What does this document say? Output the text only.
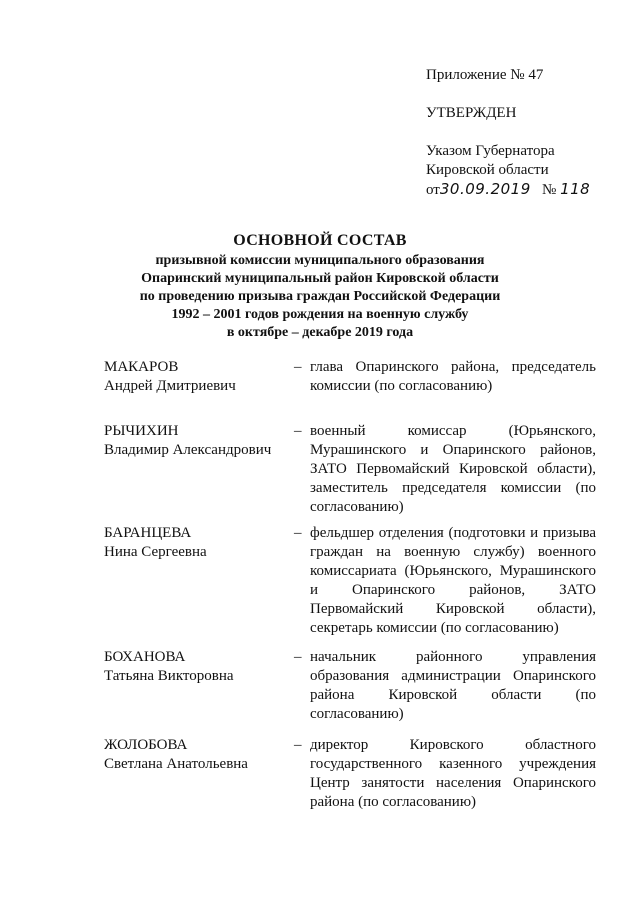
Приложение № 47

УТВЕРЖДЕН

Указом Губернатора
Кировской области
от30.09.2019 № 118
ОСНОВНОЙ СОСТАВ
призывной комиссии муниципального образования
Опаринский муниципальный район Кировской области
по проведению призыва граждан Российской Федерации
1992 – 2001 годов рождения на военную службу
в октябре – декабре 2019 года
МАКАРОВ
Андрей Дмитриевич
– глава Опаринского района, председатель комиссии (по согласованию)
РЫЧИХИН
Владимир Александрович
– военный комиссар (Юрьянского, Мурашинского и Опаринского районов, ЗАТО Первомайский Кировской области), заместитель председателя комиссии (по согласованию)
БАРАНЦЕВА
Нина Сергеевна
– фельдшер отделения (подготовки и призыва граждан на военную службу) военного комиссариата (Юрьянского, Мурашинского и Опаринского районов, ЗАТО Первомайский Кировской области), секретарь комиссии (по согласованию)
БОХАНОВА
Татьяна Викторовна
– начальник районного управления образования администрации Опаринского района Кировской области (по согласованию)
ЖОЛОБОВА
Светлана Анатольевна
– директор Кировского областного государственного казенного учреждения Центр занятости населения Опаринского района (по согласованию)
